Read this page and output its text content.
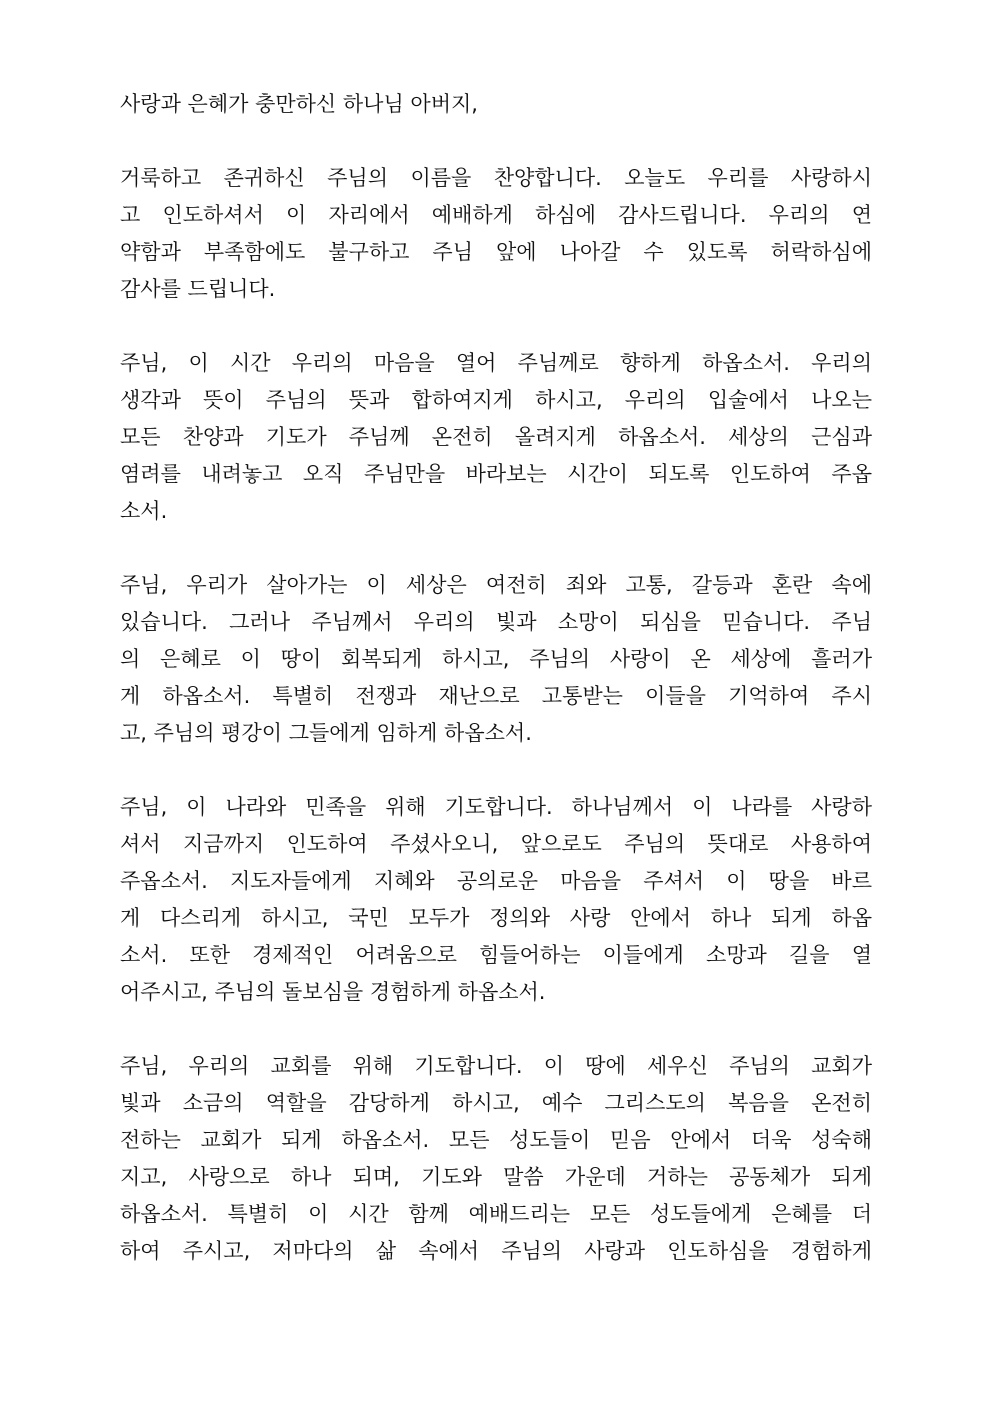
사랑과 은혜가 충만하신 하나님 아버지,
거룩하고 존귀하신 주님의 이름을 찬양합니다. 오늘도 우리를 사랑하시
고 인도하셔서 이 자리에서 예배하게 하심에 감사드립니다. 우리의 연
약함과 부족함에도 불구하고 주님 앞에 나아갈 수 있도록 허락하심에
감사를 드립니다.
주님, 이 시간 우리의 마음을 열어 주님께로 향하게 하옵소서. 우리의
생각과 뜻이 주님의 뜻과 합하여지게 하시고, 우리의 입술에서 나오는
모든 찬양과 기도가 주님께 온전히 올려지게 하옵소서. 세상의 근심과
염려를 내려놓고 오직 주님만을 바라보는 시간이 되도록 인도하여 주옵
소서.
주님, 우리가 살아가는 이 세상은 여전히 죄와 고통, 갈등과 혼란 속에
있습니다. 그러나 주님께서 우리의 빛과 소망이 되심을 믿습니다. 주님
의 은혜로 이 땅이 회복되게 하시고, 주님의 사랑이 온 세상에 흘러가
게 하옵소서. 특별히 전쟁과 재난으로 고통받는 이들을 기억하여 주시
고, 주님의 평강이 그들에게 임하게 하옵소서.
주님, 이 나라와 민족을 위해 기도합니다. 하나님께서 이 나라를 사랑하
셔서 지금까지 인도하여 주셨사오니, 앞으로도 주님의 뜻대로 사용하여
주옵소서. 지도자들에게 지혜와 공의로운 마음을 주셔서 이 땅을 바르
게 다스리게 하시고, 국민 모두가 정의와 사랑 안에서 하나 되게 하옵
소서. 또한 경제적인 어려움으로 힘들어하는 이들에게 소망과 길을 열
어주시고, 주님의 돌보심을 경험하게 하옵소서.
주님, 우리의 교회를 위해 기도합니다. 이 땅에 세우신 주님의 교회가
빛과 소금의 역할을 감당하게 하시고, 예수 그리스도의 복음을 온전히
전하는 교회가 되게 하옵소서. 모든 성도들이 믿음 안에서 더욱 성숙해
지고, 사랑으로 하나 되며, 기도와 말씀 가운데 거하는 공동체가 되게
하옵소서. 특별히 이 시간 함께 예배드리는 모든 성도들에게 은혜를 더
하여 주시고, 저마다의 삶 속에서 주님의 사랑과 인도하심을 경험하게
